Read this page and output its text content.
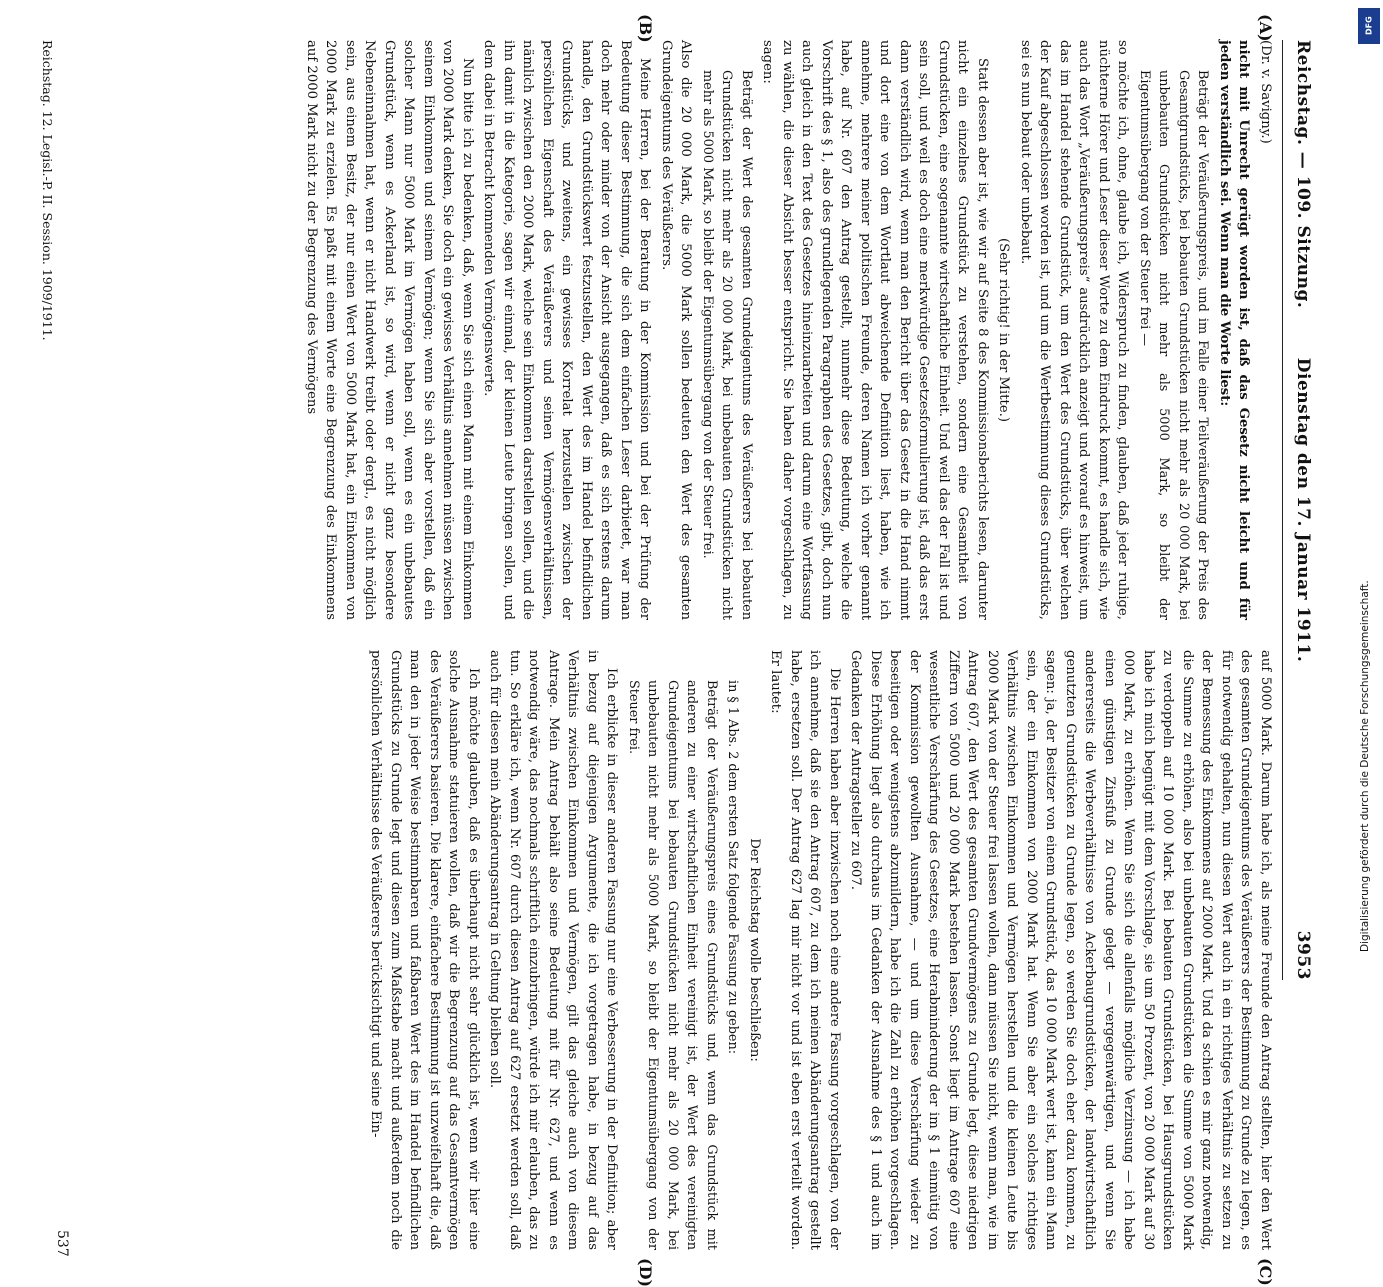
Reichstag. — 109. Sitzung.
Dienstag den 17. Januar 1911.
3953
(A)
(B)
(C)
(D)

(Dr. v. Savigny.)

nicht mit Unrecht gerügt worden ist, daß das Gesetz nicht leicht und für jeden verständlich sei. Wenn man die Worte liest:

Beträgt der Veräußerungspreis, und im Falle einer Teilveräußerung der Preis des Gesamtgrundstücks, bei bebauten Grundstücken nicht mehr als 20 000 Mark, bei unbebauten Grundstücken nicht mehr als 5000 Mark, so bleibt der Eigentumsübergang von der Steuer frei —

so möchte ich, ohne, glaube ich, Widerspruch zu finden, glauben, daß jeder ruhige, nüchterne Hörer und Leser dieser Worte zu dem Eindruck kommt, es handle sich, wie auch das Wort „Veräußerungspreis“ ausdrücklich anzeigt und worauf es hinweist, um das im Handel stehende Grundstück, um den Wert des Grundstücks, über welchen der Kauf abgeschlossen worden ist, und um die Wertbestimmung dieses Grundstücks, sei es nun bebaut oder unbebaut.

(Sehr richtig! in der Mitte.)

Statt dessen aber ist, wie wir auf Seite 8 des Kommissionsberichts lesen, darunter nicht ein einzelnes Grundstück zu verstehen, sondern eine Gesamtheit von Grundstücken, eine sogenannte wirtschaftliche Einheit. Und weil das der Fall ist und sein soll, und weil es doch eine merkwürdige Gesetzesformulierung ist, daß das erst dann verständlich wird, wenn man den Bericht über das Gesetz in die Hand nimmt und dort eine von dem Wortlaut abweichende Definition liest, haben, wie ich annehme, mehrere meiner politischen Freunde, deren Namen ich vorher genannt habe, auf Nr. 607 den Antrag gestellt, nunmehr diese Bedeutung, welche die Vorschrift des § 1, also des grundlegenden Paragraphen des Gesetzes, gibt, doch nun auch gleich in den Text des Gesetzes hineinzuarbeiten und darum eine Wortfassung zu wählen, die dieser Absicht besser entspricht. Sie haben daher vorgeschlagen, zu sagen:

Beträgt der Wert des gesamten Grundeigentums des Veräußerers bei bebauten Grundstücken nicht mehr als 20 000 Mark, bei unbebauten Grundstücken nicht mehr als 5000 Mark, so bleibt der Eigentumsübergang von der Steuer frei.

Also die 20 000 Mark, die 5000 Mark sollen bedeuten den Wert des gesamten Grundeigentums des Veräußerers.

Meine Herren, bei der Beratung in der Kommission und bei der Prüfung der Bedeutung dieser Bestimmung, die sich dem einfachen Leser darbietet, war man doch mehr oder minder von der Ansicht ausgegangen, daß es sich erstens darum handle, den Grundstückswert festzustellen, den Wert des im Handel befindlichen Grundstücks, und zweitens, ein gewisses Korrelat herzustellen zwischen der persönlichen Eigenschaft des Veräußerers und seinen Vermögensverhältnissen, nämlich zwischen den 2000 Mark, welche sein Einkommen darstellen sollen, und die ihn damit in die Kategorie, sagen wir einmal, der kleinen Leute bringen sollen, und dem dabei in Betracht kommenden Vermögenswerte.

Nun bitte ich zu bedenken, daß, wenn Sie sich einen Mann mit einem Einkommen von 2000 Mark denken, Sie doch ein gewisses Verhältnis annehmen müssen zwischen seinem Einkommen und seinem Vermögen; wenn Sie sich aber vorstellen, daß ein solcher Mann nur 5000 Mark im Vermögen haben soll, wenn es ein unbebautes Grundstück, wenn es Ackerland ist, so wird, wenn er nicht ganz besondere Nebeneinnahmen hat, wenn er nicht Handwerk treibt oder dergl., es nicht möglich sein, aus einem Besitz, der nur einen Wert von 5000 Mark hat, ein Einkommen von 2000 Mark zu erzielen. Es paßt mit einem Worte eine Begrenzung des Einkommens auf 2000 Mark nicht zu der Begrenzung des Vermögens

auf 5000 Mark. Darum habe ich, als meine Freunde den Antrag stellten, hier den Wert des gesamten Grundeigentums des Veräußerers der Bestimmung zu Grunde zu legen, es für notwendig gehalten, nun diesen Wert auch in ein richtiges Verhältnis zu setzen zu der Bemessung des Einkommens auf 2000 Mark. Und da schien es mir ganz notwendig, die Summe zu erhöhen, also bei unbebauten Grundstücken die Summe von 5000 Mark zu verdoppeln auf 10 000 Mark. Bei bebauten Grundstücken, bei Hausgrundstücken habe ich mich begnügt mit dem Vorschlage, sie um 50 Prozent, von 20 000 Mark auf 30 000 Mark, zu erhöhen. Wenn Sie sich die allenfalls mögliche Verzinsung — ich habe einen günstigen Zinsfuß zu Grunde gelegt — vergegenwärtigen, und wenn Sie andererseits die Werbeverhältnisse von Ackerbaugrundstücken, der landwirtschaftlich genutzten Grundstücken zu Grunde legen, so werden Sie doch eher dazu kommen, zu sagen: ja, der Besitzer von einem Grundstück, das 10 000 Mark wert ist, kann ein Mann sein, der ein Einkommen von 2000 Mark hat. Wenn Sie aber ein solches richtiges Verhältnis zwischen Einkommen und Vermögen herstellen und die kleinen Leute bis 2000 Mark von der Steuer frei lassen wollen, dann müssen Sie nicht, wenn man, wie im Antrag 607, den Wert des gesamten Grundvermögens zu Grunde legt, diese niedrigen Ziffern von 5000 und 20 000 Mark bestehen lassen. Sonst liegt im Antrage 607 eine wesentliche Verschärfung des Gesetzes, eine Herabminderung der im § 1 einmütig von der Kommission gewollten Ausnahme, — und um diese Verschärfung wieder zu beseitigen oder wenigstens abzumildern, habe ich die Zahl zu erhöhen vorgeschlagen. Diese Erhöhung liegt also durchaus im Gedanken der Ausnahme des § 1 und auch im Gedanken der Antragsteller zu 607.

Die Herren haben aber inzwischen noch eine andere Fassung vorgeschlagen, von der ich annehme, daß sie den Antrag 607, zu dem ich meinen Abänderungsantrag gestellt habe, ersetzen soll. Der Antrag 627 lag mir nicht vor und ist eben erst verteilt worden. Er lautet:

Der Reichstag wolle beschließen:

in § 1 Abs. 2 dem ersten Satz folgende Fassung zu geben:

Beträgt der Veräußerungspreis eines Grundstücks und, wenn das Grundstück mit anderen zu einer wirtschaftlichen Einheit vereinigt ist, der Wert des vereinigten Grundeigentums bei bebauten Grundstücken nicht mehr als 20 000 Mark, bei unbebauten nicht mehr als 5000 Mark, so bleibt der Eigentumsübergang von der Steuer frei.

Ich erblicke in dieser anderen Fassung nur eine Verbesserung in der Definition; aber in bezug auf diejenigen Argumente, die ich vorgetragen habe, in bezug auf das Verhältnis zwischen Einkommen und Vermögen, gilt das gleiche auch von diesem Antrage. Mein Antrag behält also seine Bedeutung mit für Nr. 627, und wenn es notwendig wäre, das nochmals schriftlich einzubringen, würde ich mir erlauben, das zu tun. So erkläre ich, wenn Nr. 607 durch diesen Antrag auf 627 ersetzt werden soll, daß auch für diesen mein Abänderungsantrag in Geltung bleiben soll.

Ich möchte glauben, daß es überhaupt nicht sehr glücklich ist, wenn wir hier eine solche Ausnahme statuieren wollen, daß wir die Begrenzung auf das Gesamtvermögen des Veräußerers basieren. Die klarere, einfachere Bestimmung ist unzweifelhaft die, daß man den in jeder Weise bestimmbaren und faßbaren Wert des im Handel befindlichen Grundstücks zu Grunde legt und diesen zum Maßstabe macht und außerdem noch die persönlichen Verhältnisse des Veräußerers berücksichtigt und seine Ein-

Reichstag. 12. Legisl.-P. II. Session. 1909/1911.
537
DFG
Digitalisierung gefördert durch die Deutsche Forschungsgemeinschaft.
